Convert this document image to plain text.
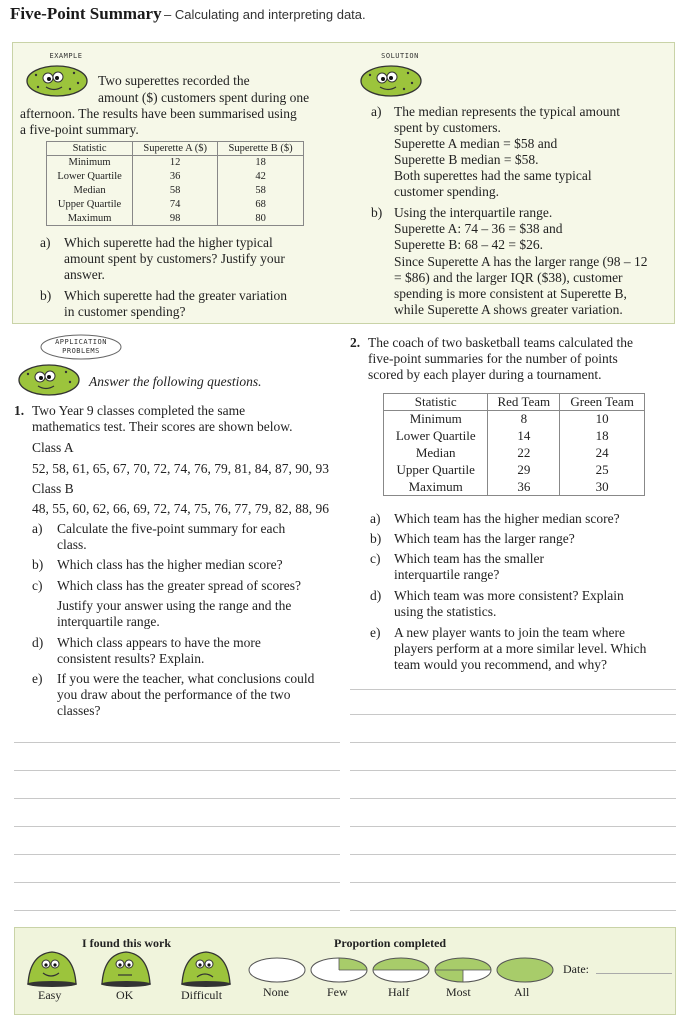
Five-Point Summary – Calculating and interpreting data.
EXAMPLE
Two superettes recorded the
amount ($) customers spent during one
afternoon. The results have been summarised using
a five-point summary.
Statistic	Superette A ($)	Superette B ($)
Minimum	12	18
Lower Quartile	36	42
Median	58	58
Upper Quartile	74	68
Maximum	98	80
a) Which superette had the higher typical
amount spent by customers? Justify your
answer.
b) Which superette had the greater variation
in customer spending?
SOLUTION
a) The median represents the typical amount
spent by customers.
Superette A median = $58 and
Superette B median = $58.
Both superettes had the same typical
customer spending.
b) Using the interquartile range.
Superette A: 74 – 36 = $38 and
Superette B: 68 – 42 = $26.
Since Superette A has the larger range (98 – 12
= $86) and the larger IQR ($38), customer
spending is more consistent at Superette B,
while Superette A shows greater variation.
APPLICATION
PROBLEMS
Answer the following questions.
1. Two Year 9 classes completed the same
mathematics test. Their scores are shown below.
Class A
52, 58, 61, 65, 67, 70, 72, 74, 76, 79, 81, 84, 87, 90, 93
Class B
48, 55, 60, 62, 66, 69, 72, 74, 75, 76, 77, 79, 82, 88, 96
a) Calculate the five-point summary for each
class.
b) Which class has the higher median score?
c) Which class has the greater spread of scores?
Justify your answer using the range and the
interquartile range.
d) Which class appears to have the more
consistent results? Explain.
e) If you were the teacher, what conclusions could
you draw about the performance of the two
classes?
2. The coach of two basketball teams calculated the
five-point summaries for the number of points
scored by each player during a tournament.
Statistic	Red Team	Green Team
Minimum	8	10
Lower Quartile	14	18
Median	22	24
Upper Quartile	29	25
Maximum	36	30
a) Which team has the higher median score?
b) Which team has the larger range?
c) Which team has the smaller
interquartile range?
d) Which team was more consistent? Explain
using the statistics.
e) A new player wants to join the team where
players perform at a more similar level. Which
team would you recommend, and why?
I found this work
Easy	OK	Difficult
Proportion completed
None	Few	Half	Most	All
Date:
